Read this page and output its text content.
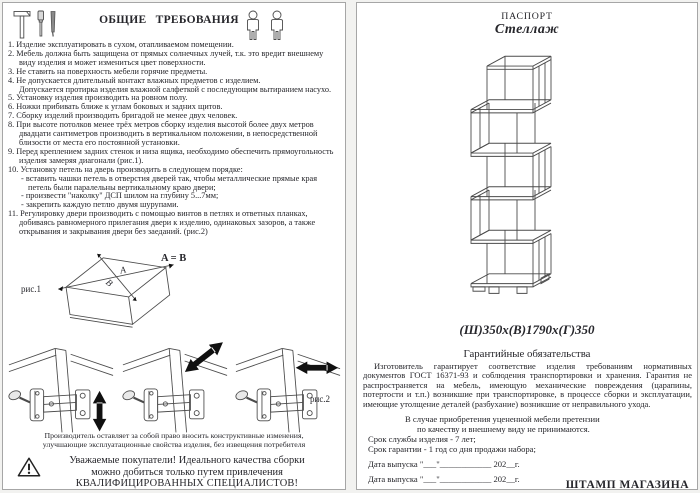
ОБЩИЕ ТРЕБОВАНИЯ
1. Изделие эксплуатировать в сухом, отапливаемом помещении.
2. Мебель должна быть защищена от прямых солнечных лучей, т.к. это вредит внешнему виду изделия и может измениться цвет поверхности.
3. Не ставить на поверхность мебели горячие предметы.
4. Не допускается длительный контакт влажных предметов с изделием.
Допускается протирка изделия влажной салфеткой с последующим вытиранием насухо.
5. Установку изделия производить на ровном полу.
6. Ножки прибивать ближе к углам боковых и задних щитов.
7. Сборку изделий производить бригадой не менее двух человек.
8. При высоте потолков менее трёх метров сборку изделия высотой более двух метров двадцати сантиметров производить в вертикальном положении, в непосредственной близости от места его постоянной установки.
9. Перед креплением задних стенок и низа ящика, необходимо обеспечить прямоугольность изделия замеряя диагонали (рис.1).
10. Установку петель на дверь производить в следующем порядке:
- вставить чашки петель в отверстия дверей так, чтобы металлические прямые края петель были паралельны вертикальному краю двери;
- произвести "наколку" ДСП шилом на глубину 5...7мм;
- закрепить каждую петлю двумя шурупами.
11. Регулировку двери производить с помощью винтов в петлях и ответных планках, добиваясь равномерного прилегания двери к изделию, одинаковых зазоров, а также открывания и закрывания двери без заеданий. (рис.2)
A
B
A = B
рис.1
рис.2
Производитель оставляет за собой право вносить конструктивные изменения,
улучшающие эксплуатационные свойства изделия, без извещения потребителя
Уважаемые покупатели! Идеального качества сборки
можно добиться только путем привлечения
КВАЛИФИЦИРОВАННЫХ СПЕЦИАЛИСТОВ!
ПАСПОРТ
Стеллаж
(Ш)350х(В)1790х(Г)350
Гарантийные обязательства
Изготовитель гарантирует соответствие изделия требованиям нормативных документов ГОСТ 16371-93 и соблюдения транспортировки и хранения. Гарантия не распространяется на мебель, имеющую механические повреждения (царапины, потертости и т.п.) возникшие при транспортировке, в процессе сборки и эксплуатации, имеющие утолщение деталей (разбухание) возникшие от неправильного ухода.
В случае приобретения уцененной мебели претензии
по качеству и внешнему виду не принимаются.
Срок службы изделия - 7 лет;
Срок гарантии - 1 год со дня продажи набора;
Дата выпуска "___"____________ 202__г.
Дата выпуска "___"____________ 202__г.	ШТАМП МАГАЗИНА
